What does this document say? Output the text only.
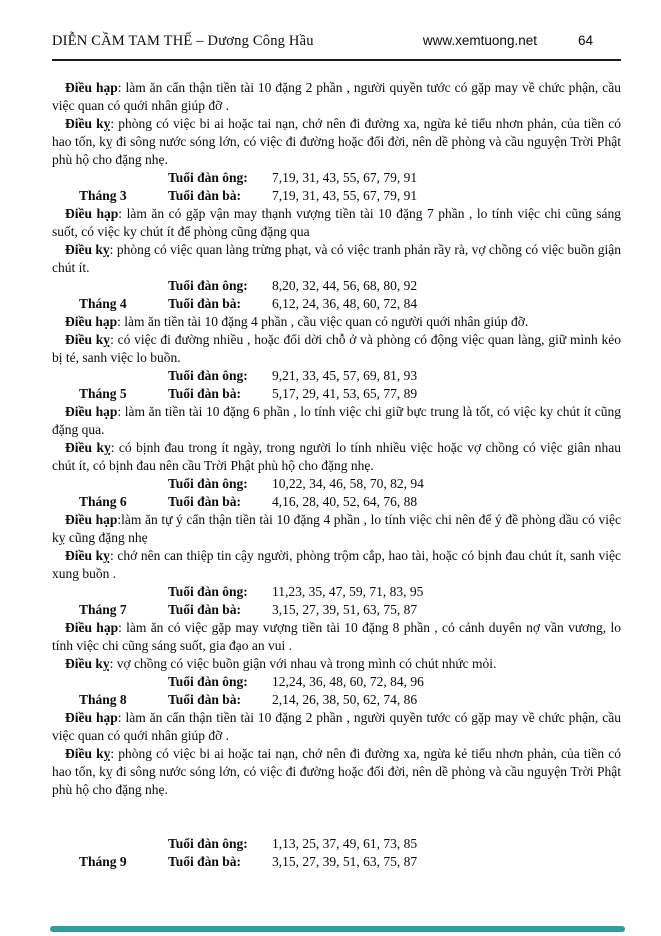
DIỄN CẦM TAM THẾ – Dương Công Hầu	www.xemtuong.net	64

Điều hạp: làm ăn cẩn thận tiền tài 10 đặng 2 phần , người quyền tước có gặp may về chức phận, cầu việc quan có quới nhân giúp đỡ .

Điều kỵ: phòng có việc bi ai hoặc tai nạn, chớ nên đi đường xa, ngừa kẻ tiểu nhơn phản, của tiền có hao tốn, kỵ đi sông nước sóng lớn, có việc đi đường hoặc đổi đời, nên dề phòng và cầu nguyện Trời Phật phù hộ cho đặng nhẹ.

Tuổi đàn ông:	7,19, 31, 43, 55, 67, 79, 91
Tháng 3	Tuổi đàn bà:	7,19, 31, 43, 55, 67, 79, 91

Điều hạp: làm ăn có gặp vận may thạnh vượng tiền tài 10 đặng 7 phần , lo tính việc chi cũng sáng suốt, có việc ky chút ít để phòng cũng đặng qua

Điều kỵ: phòng có việc quan làng trừng phạt, và có việc tranh phản rầy rà, vợ chồng có việc buồn giận chút ít.

Tuổi đàn ông:	8,20, 32, 44, 56, 68, 80, 92
Tháng 4	Tuổi đàn bà:	6,12, 24, 36, 48, 60, 72, 84

Điều hạp: làm ăn tiền tài 10 đặng 4 phần , cầu việc quan có người quới nhân giúp đỡ.

Điều kỵ: có việc đi đường nhiều , hoặc đổi dời chỗ ở và phòng có động việc quan làng, giữ mình kẻo bị té, sanh việc lo buồn.

Tuổi đàn ông:	9,21, 33, 45, 57, 69, 81, 93
Tháng 5	Tuổi đàn bà:	5,17, 29, 41, 53, 65, 77, 89

Điều hạp: làm ăn tiền tài 10 đặng 6 phần , lo tính việc chi giữ bực trung là tốt, có việc ky chút ít cũng đặng qua.

Điều kỵ: có bịnh đau trong ít ngày, trong người lo tính nhiều việc hoặc vợ chồng có việc giân nhau chút ít, có bịnh đau nên cầu Trời Phật phù hộ cho đặng nhẹ.

Tuổi đàn ông:	10,22, 34, 46, 58, 70, 82, 94
Tháng 6	Tuổi đàn bà:	4,16, 28, 40, 52, 64, 76, 88

Điều hạp:làm ăn tự ý cẩn thận tiền tài 10 đặng 4 phần , lo tính việc chi nên để ý đề phòng dầu có việc kỵ cũng đặng nhẹ

Điều kỵ: chớ nên can thiệp tin cậy người, phòng trộm cắp, hao tài, hoặc có bịnh đau chút ít, sanh việc xung buồn .

Tuổi đàn ông:	11,23, 35, 47, 59, 71, 83, 95
Tháng 7	Tuổi đàn bà:	3,15, 27, 39, 51, 63, 75, 87

Điều hạp: làm ăn có việc gặp may vượng tiền tài 10 đặng 8 phần , có cảnh duyên nợ vần vương, lo tính việc chi cũng sáng suốt, gia đạo an vui .

Điều kỵ: vợ chồng có việc buồn giận với nhau và trong mình có chút nhức mỏi.

Tuổi đàn ông:	12,24, 36, 48, 60, 72, 84, 96
Tháng 8	Tuổi đàn bà:	2,14, 26, 38, 50, 62, 74, 86

Điều hạp: làm ăn cẩn thận tiền tài 10 đặng 2 phần , người quyền tước có gặp may về chức phận, cầu việc quan có quới nhân giúp đỡ .

Điều kỵ: phòng có việc bi ai hoặc tai nạn, chớ nên đi đường xa, ngừa kẻ tiểu nhơn phản, của tiền có hao tốn, kỵ đi sông nước sóng lớn, có việc đi đường hoặc đổi đời, nên dề phòng và cầu nguyện Trời Phật phù hộ cho đặng nhẹ.

Tuổi đàn ông:	1,13, 25, 37, 49, 61, 73, 85
Tháng 9	Tuổi đàn bà:	3,15, 27, 39, 51, 63, 75, 87
